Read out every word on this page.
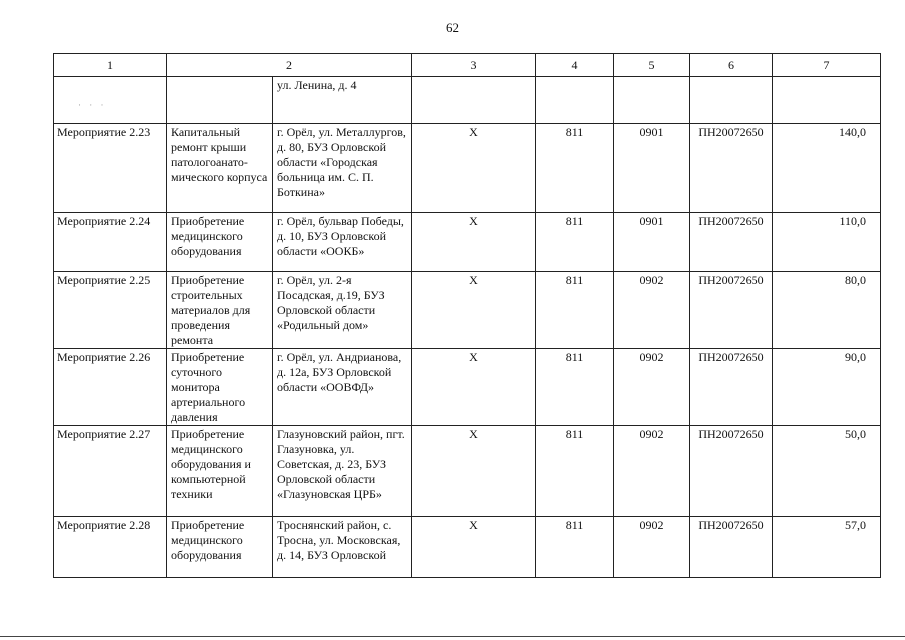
62
· · ·
1	2		3	4	5	6	7
		ул. Ленина, д. 4					
Мероприятие 2.23	Капитальный ремонт крыши патологоанато-мического корпуса	г. Орёл, ул. Металлургов, д. 80, БУЗ Орловской области «Городская больница им. С. П. Боткина»	Х	811	0901	ПН20072650	140,0
Мероприятие 2.24	Приобретение медицинского оборудования	г. Орёл, бульвар Победы, д. 10, БУЗ Орловской области «ООКБ»	Х	811	0901	ПН20072650	110,0
Мероприятие 2.25	Приобретение строительных материалов для проведения ремонта	г. Орёл, ул. 2-я Посадская, д.19, БУЗ Орловской области «Родильный дом»	Х	811	0902	ПН20072650	80,0
Мероприятие 2.26	Приобретение суточного монитора артериального давления	г. Орёл, ул. Андрианова, д. 12а, БУЗ Орловской области «ООВФД»	Х	811	0902	ПН20072650	90,0
Мероприятие 2.27	Приобретение медицинского оборудования и компьютерной техники	Глазуновский район, пгт. Глазуновка, ул. Советская, д. 23, БУЗ Орловской области «Глазуновская ЦРБ»	Х	811	0902	ПН20072650	50,0
Мероприятие 2.28	Приобретение медицинского оборудования	Троснянский район, с. Тросна, ул. Московская, д. 14, БУЗ Орловской	Х	811	0902	ПН20072650	57,0
